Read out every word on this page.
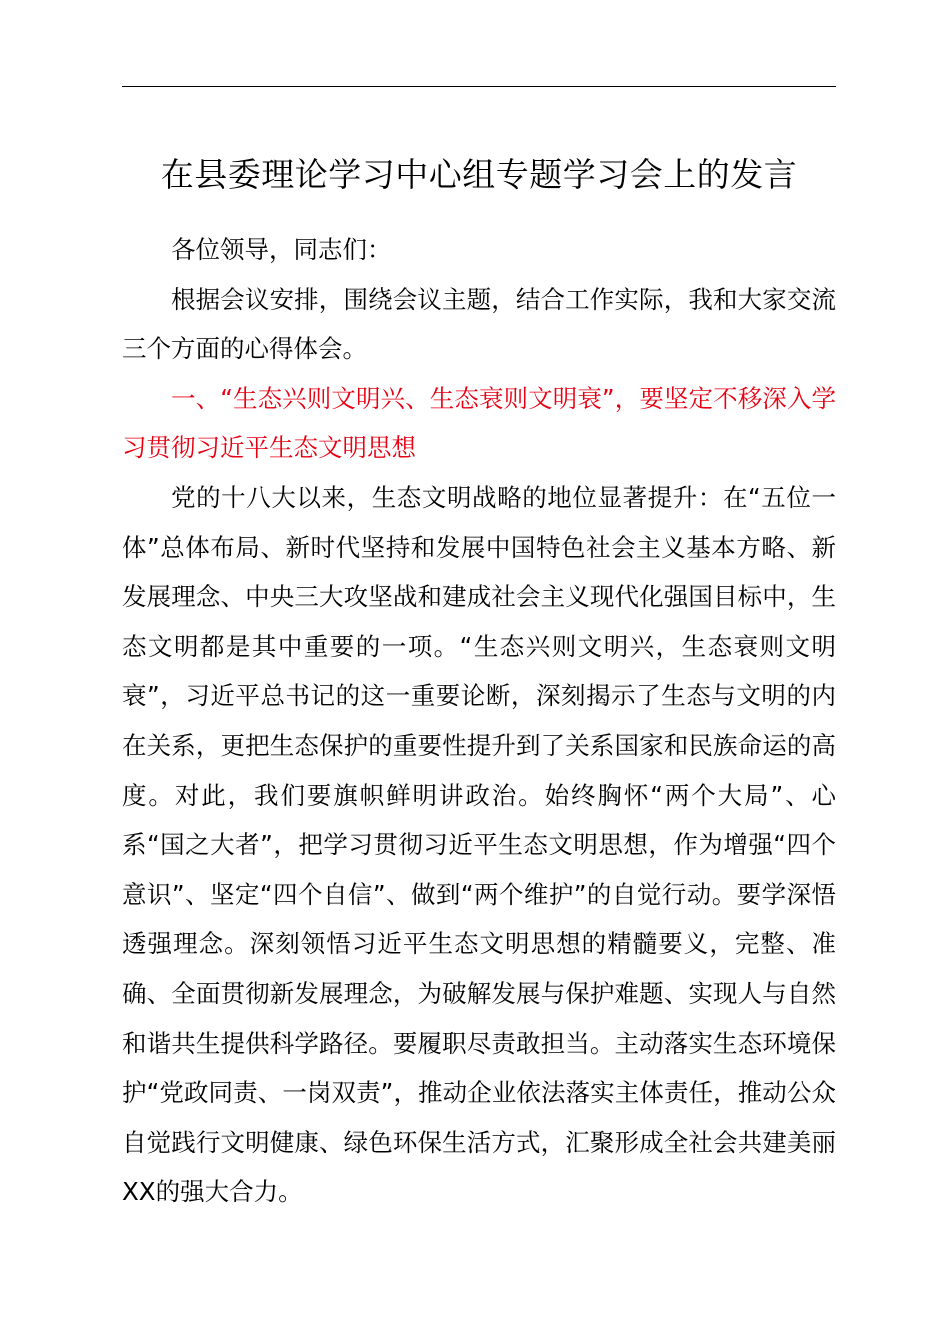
在县委理论学习中心组专题学习会上的发言

各位领导，同志们：

根据会议安排，围绕会议主题，结合工作实际，我和大家交流三个方面的心得体会。

一、“生态兴则文明兴、生态衰则文明衰”，要坚定不移深入学习贯彻习近平生态文明思想

党的十八大以来，生态文明战略的地位显著提升：在“五位一体”总体布局、新时代坚持和发展中国特色社会主义基本方略、新发展理念、中央三大攻坚战和建成社会主义现代化强国目标中，生态文明都是其中重要的一项。“生态兴则文明兴，生态衰则文明衰”，习近平总书记的这一重要论断，深刻揭示了生态与文明的内在关系，更把生态保护的重要性提升到了关系国家和民族命运的高度。对此，我们要旗帜鲜明讲政治。始终胸怀“两个大局”、心系“国之大者”，把学习贯彻习近平生态文明思想，作为增强“四个意识”、坚定“四个自信”、做到“两个维护”的自觉行动。要学深悟透强理念。深刻领悟习近平生态文明思想的精髓要义，完整、准确、全面贯彻新发展理念，为破解发展与保护难题、实现人与自然和谐共生提供科学路径。要履职尽责敢担当。主动落实生态环境保护“党政同责、一岗双责”，推动企业依法落实主体责任，推动公众自觉践行文明健康、绿色环保生活方式，汇聚形成全社会共建美丽XX的强大合力。
